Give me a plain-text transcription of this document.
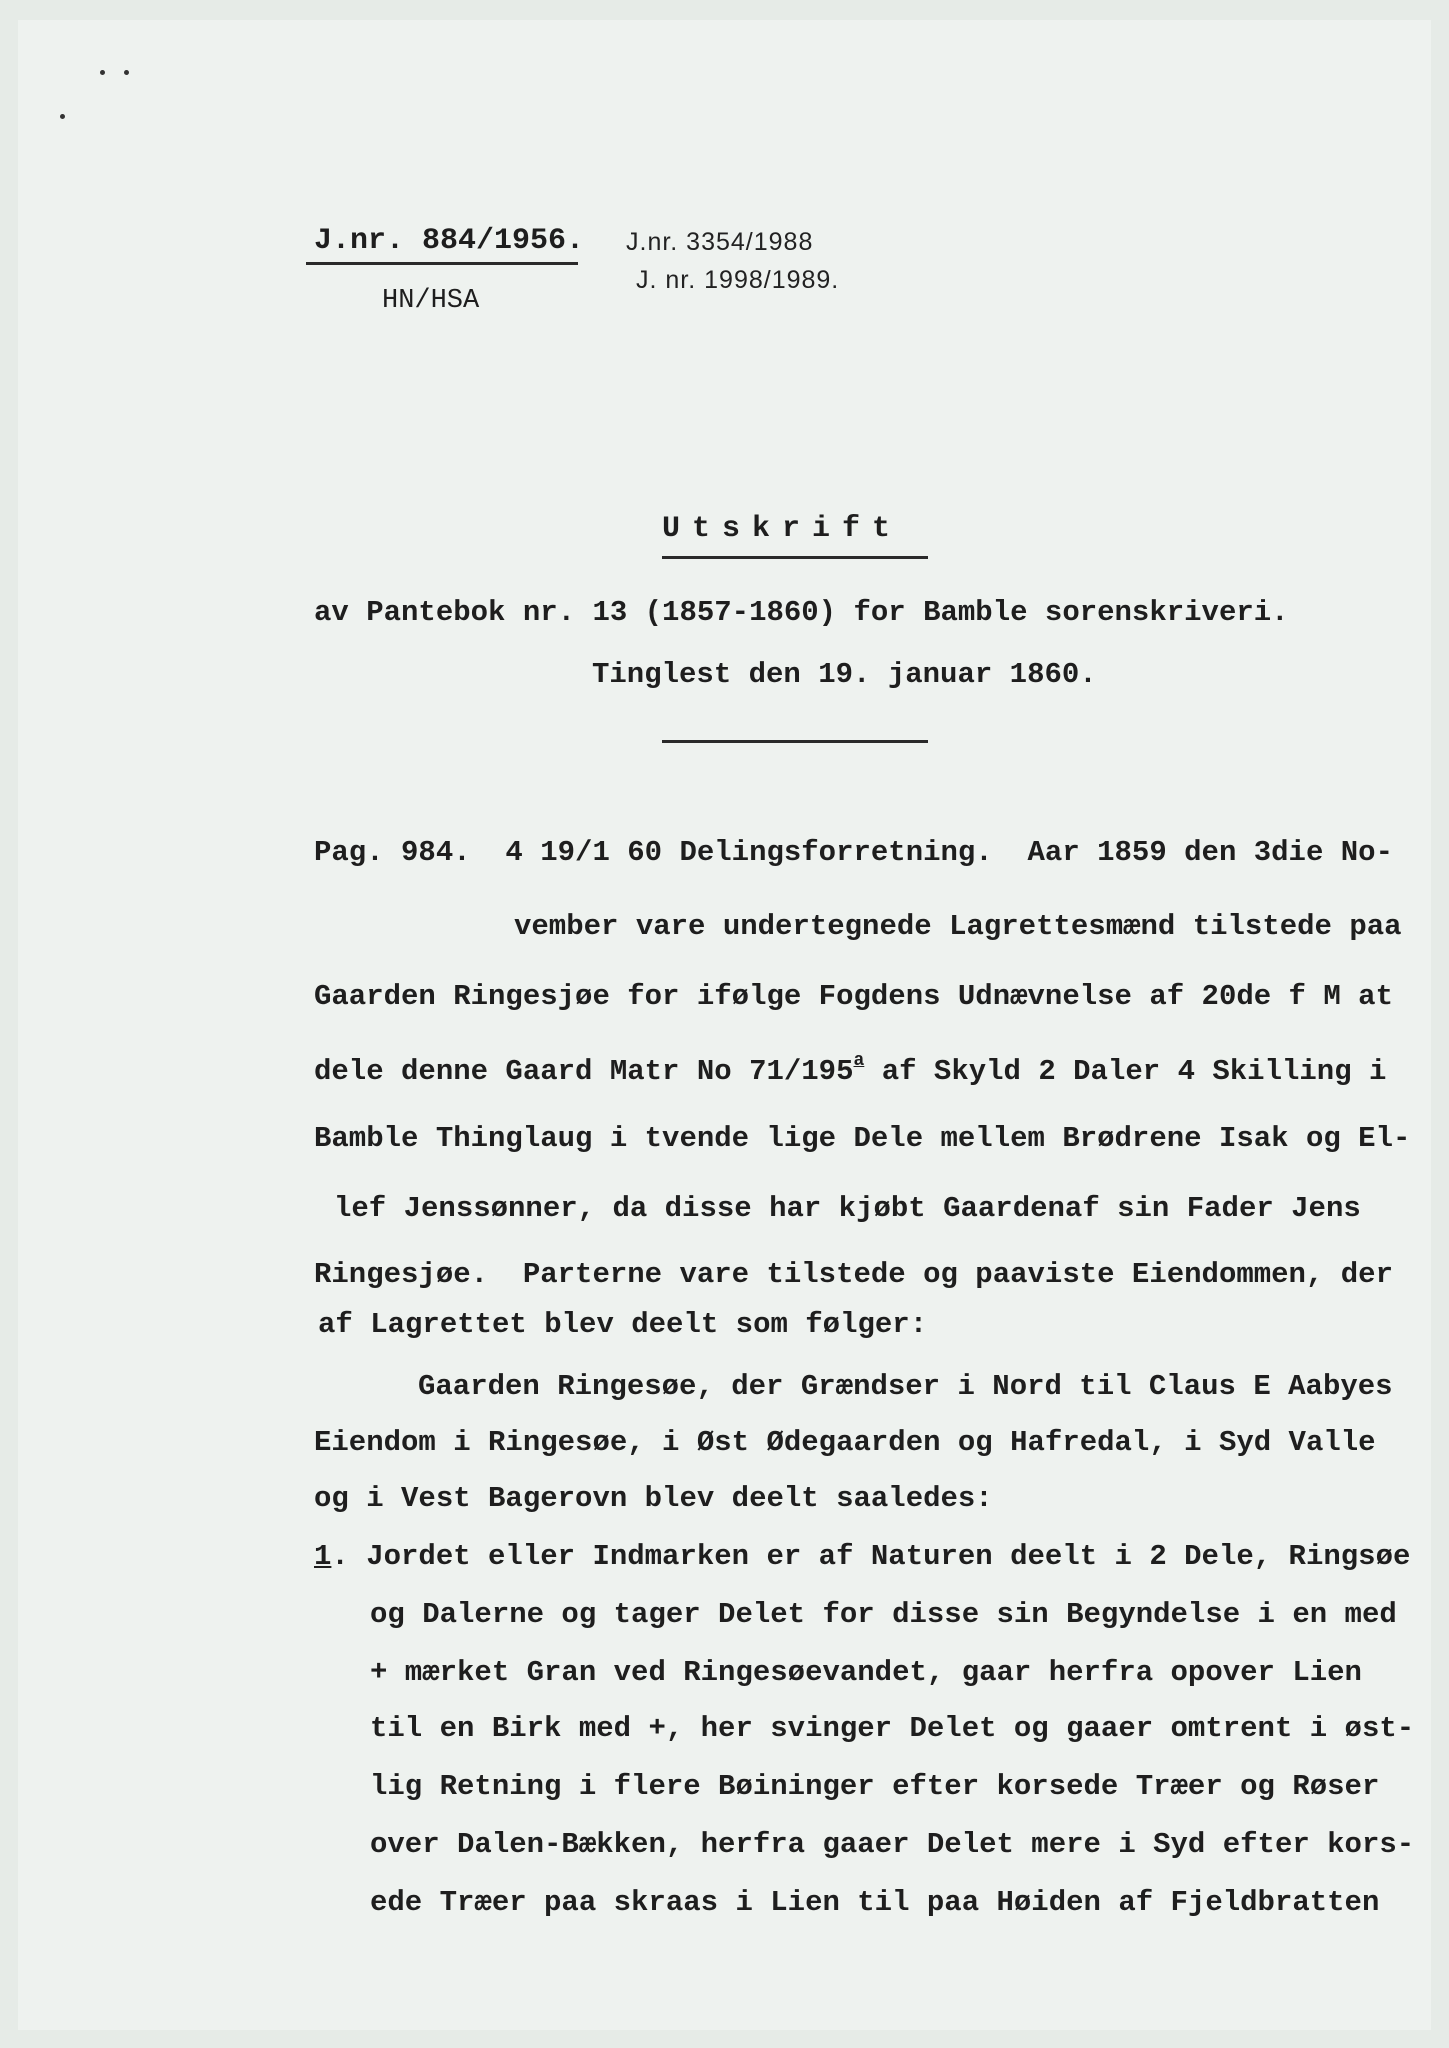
J.nr. 884/1956.
HN/HSA
J.nr. 3354/1988
J. nr. 1998/1989.
Utskrift
av Pantebok nr. 13 (1857-1860) for Bamble sorenskriveri.
Tinglest den 19. januar 1860.
Pag. 984.  4 19/1 60 Delingsforretning.  Aar 1859 den 3die No-
vember vare undertegnede Lagrettesmænd tilstede paa
Gaarden Ringesjøe for ifølge Fogdens Udnævnelse af 20de f M at
dele denne Gaard Matr No 71/195$^a$ af Skyld 2 Daler 4 Skilling i
Bamble Thinglaug i tvende lige Dele mellem Brødrene Isak og El-
lef Jenssønner, da disse har kjøbt Gaardenaf sin Fader Jens
Ringesjøe.  Parterne vare tilstede og paaviste Eiendommen, der
af Lagrettet blev deelt som følger:
Gaarden Ringesøe, der Grændser i Nord til Claus E Aabyes
Eiendom i Ringesøe, i Øst Ødegaarden og Hafredal, i Syd Valle
og i Vest Bagerovn blev deelt saaledes:
1. Jordet eller Indmarken er af Naturen deelt i 2 Dele, Ringsøe
og Dalerne og tager Delet for disse sin Begyndelse i en med
+ mærket Gran ved Ringesøevandet, gaar herfra opover Lien
til en Birk med +, her svinger Delet og gaaer omtrent i øst-
lig Retning i flere Bøininger efter korsede Træer og Røser
over Dalen-Bækken, herfra gaaer Delet mere i Syd efter kors-
ede Træer paa skraas i Lien til paa Høiden af Fjeldbratten
